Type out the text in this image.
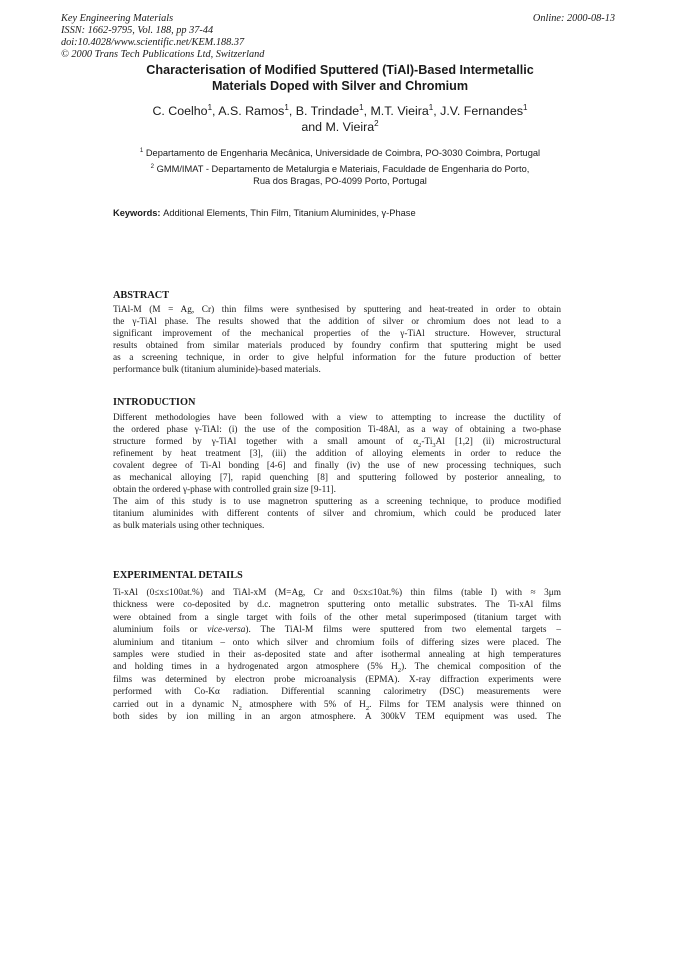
Key Engineering Materials
ISSN: 1662-9795, Vol. 188, pp 37-44
doi:10.4028/www.scientific.net/KEM.188.37
© 2000 Trans Tech Publications Ltd, Switzerland
Online: 2000-08-13
Characterisation of Modified Sputtered (TiAl)-Based Intermetallic
Materials Doped with Silver and Chromium
C. Coelho$^1$, A.S. Ramos$^1$, B. Trindade$^1$, M.T. Vieira$^1$, J.V. Fernandes$^1$
and M. Vieira$^2$
$^1$ Departamento de Engenharia Mecânica, Universidade de Coimbra, PO-3030 Coimbra, Portugal
$^2$ GMM/IMAT - Departamento de Metalurgia e Materiais, Faculdade de Engenharia do Porto,
Rua dos Bragas, PO-4099 Porto, Portugal
Keywords: Additional Elements, Thin Film, Titanium Aluminides, γ-Phase
ABSTRACT
TiAl-M (M = Ag, Cr) thin films were synthesised by sputtering and heat-treated in order to obtain
the γ-TiAl phase. The results showed that the addition of silver or chromium does not lead to a
significant improvement of the mechanical properties of the γ-TiAl structure. However, structural
results obtained from similar materials produced by foundry confirm that sputtering might be used
as a screening technique, in order to give helpful information for the future production of better
performance bulk (titanium aluminide)-based materials.
INTRODUCTION
Different methodologies have been followed with a view to attempting to increase the ductility of
the ordered phase γ-TiAl: (i) the use of the composition Ti-48Al, as a way of obtaining a two-phase
structure formed by γ-TiAl together with a small amount of $\alpha_2-Ti_3Al$ [1,2] (ii) microstructural
refinement by heat treatment [3], (iii) the addition of alloying elements in order to reduce the
covalent degree of Ti-Al bonding [4-6] and finally (iv) the use of new processing techniques, such
as mechanical alloying [7], rapid quenching [8] and sputtering followed by posterior annealing, to
obtain the ordered γ-phase with controlled grain size [9-11].
The aim of this study is to use magnetron sputtering as a screening technique, to produce modified
titanium aluminides with different contents of silver and chromium, which could be produced later
as bulk materials using other techniques.
EXPERIMENTAL DETAILS
Ti-xAl (0≤x≤100at.%) and TiAl-xM (M=Ag, Cr and 0≤x≤10at.%) thin films (table I) with ≈ 3μm
thickness were co-deposited by d.c. magnetron sputtering onto metallic substrates. The Ti-xAl films
were obtained from a single target with foils of the other metal superimposed (titanium target with
aluminium foils or vice-versa). The TiAl-M films were sputtered from two elemental targets –
aluminium and titanium – onto which silver and chromium foils of differing sizes were placed. The
samples were studied in their as-deposited state and after isothermal annealing at high temperatures
and holding times in a hydrogenated argon atmosphere (5% $H_2$). The chemical composition of the
films was determined by electron probe microanalysis (EPMA). X-ray diffraction experiments were
performed with Co-Kα radiation. Differential scanning calorimetry (DSC) measurements were
carried out in a dynamic $N_2$ atmosphere with 5% of $H_2$. Films for TEM analysis were thinned on
both sides by ion milling in an argon atmosphere. A 300kV TEM equipment was used. The
